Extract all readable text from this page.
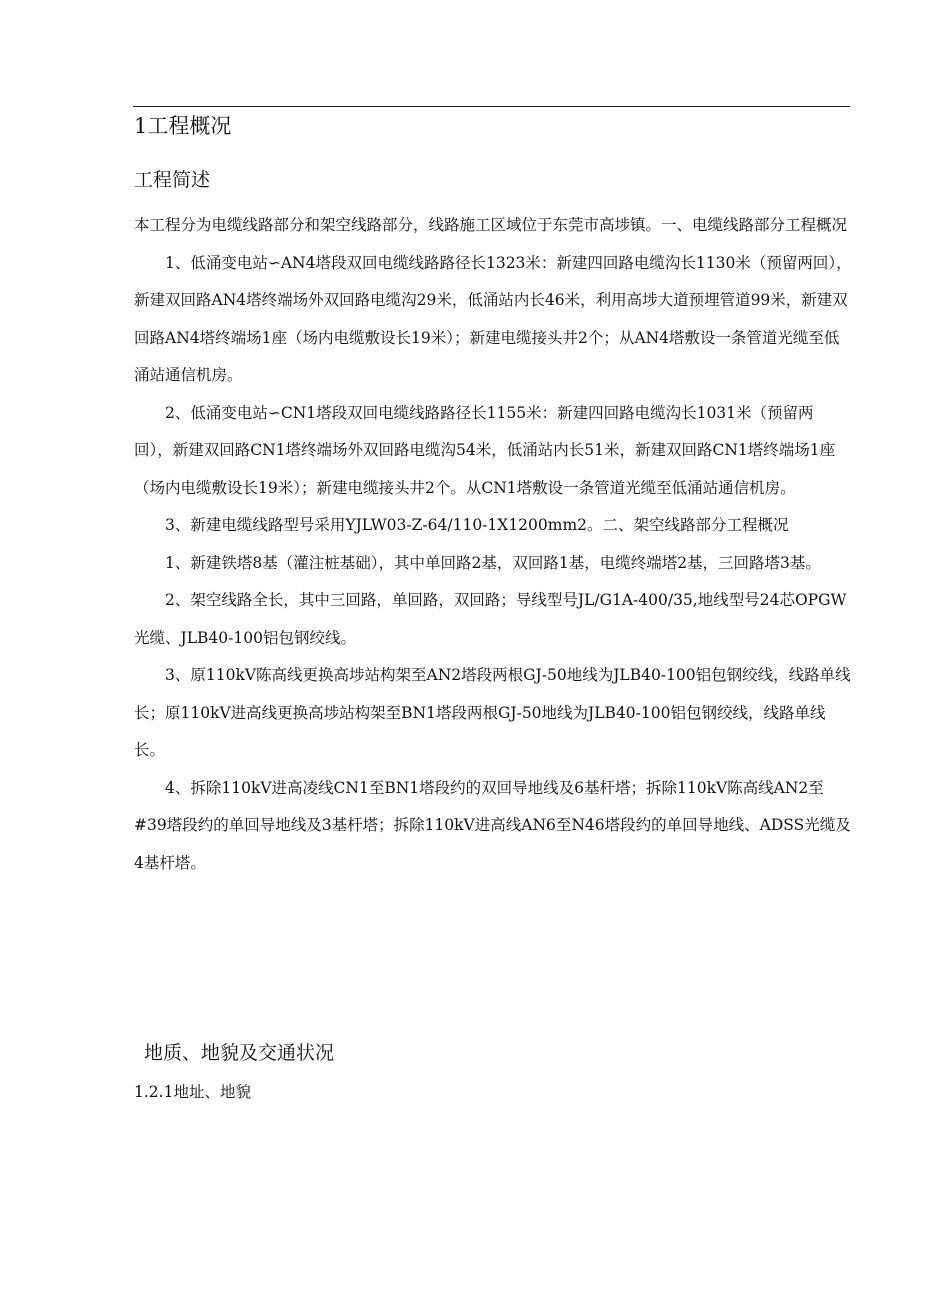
1工程概况
工程简述

本工程分为电缆线路部分和架空线路部分，线路施工区域位于东莞市高埗镇。一、电缆线路部分工程概况

1、低涌变电站∽AN4塔段双回电缆线路路径长1323米：新建四回路电缆沟长1130米（预留两回），新建双回路AN4塔终端场外双回路电缆沟29米，低涌站内长46米，利用高埗大道预埋管道99米，新建双回路AN4塔终端场1座（场内电缆敷设长19米）；新建电缆接头井2个；从AN4塔敷设一条管道光缆至低涌站通信机房。

2、低涌变电站∽CN1塔段双回电缆线路路径长1155米：新建四回路电缆沟长1031米（预留两回），新建双回路CN1塔终端场外双回路电缆沟54米，低涌站内长51米，新建双回路CN1塔终端场1座（场内电缆敷设长19米）；新建电缆接头井2个。从CN1塔敷设一条管道光缆至低涌站通信机房。

3、新建电缆线路型号采用YJLW03-Z-64/110-1X1200mm2。二、架空线路部分工程概况

1、新建铁塔8基（灌注桩基础），其中单回路2基，双回路1基，电缆终端塔2基，三回路塔3基。

2、架空线路全长，其中三回路，单回路，双回路；导线型号JL/G1A-400/35,地线型号24芯OPGW光缆、JLB40-100铝包钢绞线。

3、原110kV陈高线更换高埗站构架至AN2塔段两根GJ-50地线为JLB40-100铝包钢绞线，线路单线长；原110kV进高线更换高埗站构架至BN1塔段两根GJ-50地线为JLB40-100铝包钢绞线，线路单线长。

4、拆除110kV进高凌线CN1至BN1塔段约的双回导地线及6基杆塔；拆除110kV陈高线AN2至#39塔段约的单回导地线及3基杆塔；拆除110kV进高线AN6至N46塔段约的单回导地线、ADSS光缆及4基杆塔。

地质、地貌及交通状况
1.2.1地址、地貌
